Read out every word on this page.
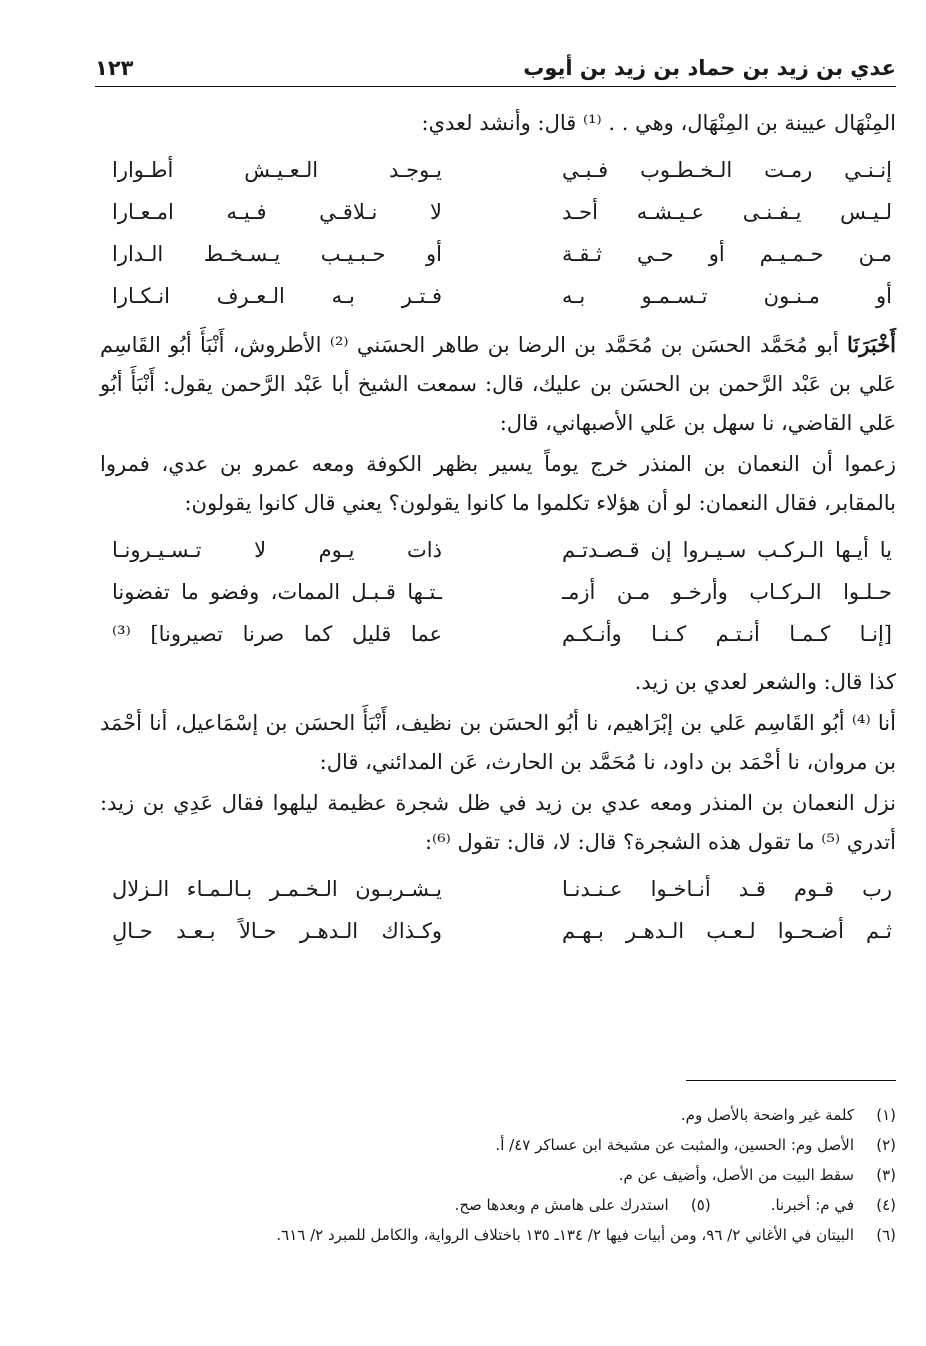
١٢٣	عدي بن زيد بن حماد بن زيد بن أيوب

المِنْهَال عيينة بن المِنْهَال، وهي . . ⁽¹⁾ قال: وأنشد لعدي:

إنـنـي رمـت الـخـطـوب فـبـي
يـوجـد الـعـيـش أطـوارا
لـيـس يـفـنـى عـيـشـه أحـد
لا نـلاقـي فـيـه امـعـارا
مـن حـمـيـم أو حـي ثـقـة
أو حـبـيـب يـسـخـط الـدارا
أو مـنـون تـسـمـو بـه
فـتـر بـه الـعـرف انـكـارا

أَخْبَرَنَا أبو مُحَمَّد الحسَن بن مُحَمَّد بن الرضا بن طاهر الحسَني ⁽²⁾ الأطروش، أَنْبَأَ أبُو القَاسِم عَلي بن عَبْد الرَّحمن بن الحسَن بن عليك، قال: سمعت الشيخ أبا عَبْد الرَّحمن يقول: أَنْبَأَ أبُو عَلي القاضي، نا سهل بن عَلي الأصبهاني، قال:

زعموا أن النعمان بن المنذر خرج يوماً يسير بظهر الكوفة ومعه عمرو بن عدي، فمروا بالمقابر، فقال النعمان: لو أن هؤلاء تكلموا ما كانوا يقولون؟ يعني قال كانوا يقولون:

يا أيـها الـركـب سـيـروا إن قـصـدتـم
ذات يـوم لا تـسـيـرونـا
حـلـوا الـركـاب وأرخـو مـن أزمـ
ـتـها قـبـل الممات، وفضو ما تفضونا
[إنـا كـمـا أنـتـم كـنـا وأنـكـم
عما قليل كما صرنا تصيرونا] ⁽³⁾

كذا قال: والشعر لعدي بن زيد.

أنا ⁽⁴⁾ أبُو القَاسِم عَلي بن إبْرَاهيم، نا أبُو الحسَن بن نظيف، أَنْبَأَ الحسَن بن إسْمَاعيل، أنا أحْمَد بن مروان، نا أحْمَد بن داود، نا مُحَمَّد بن الحارث، عَن المدائني، قال:

نزل النعمان بن المنذر ومعه عدي بن زيد في ظل شجرة عظيمة ليلهوا فقال عَدِي بن زيد: أتدري ⁽⁵⁾ ما تقول هذه الشجرة؟ قال: لا، قال: تقول ⁽⁶⁾:

رب قـوم قـد أنـاخـوا عـنـدنـا
يـشـربـون الـخـمـر بـالـمـاء الـزلال
ثـم أضـحـوا لـعـب الـدهـر بـهـم
وكـذاك الـدهـر حـالاً بـعـد حـالِ
(١)
كلمة غير واضحة بالأصل وم.
(٢)
الأصل وم: الحسين، والمثبت عن مشيخة ابن عساكر ٤٧/ أ.
(٣)
سقط البيت من الأصل، وأضيف عن م.
(٤)
في م: أخبرنا.
(٥)
استدرك على هامش م وبعدها صح.
(٦)
البيتان في الأغاني ٢/ ٩٦، ومن أبيات فيها ٢/ ١٣٤ـ ١٣٥ باختلاف الرواية، والكامل للمبرد ٢/ ٦١٦.
